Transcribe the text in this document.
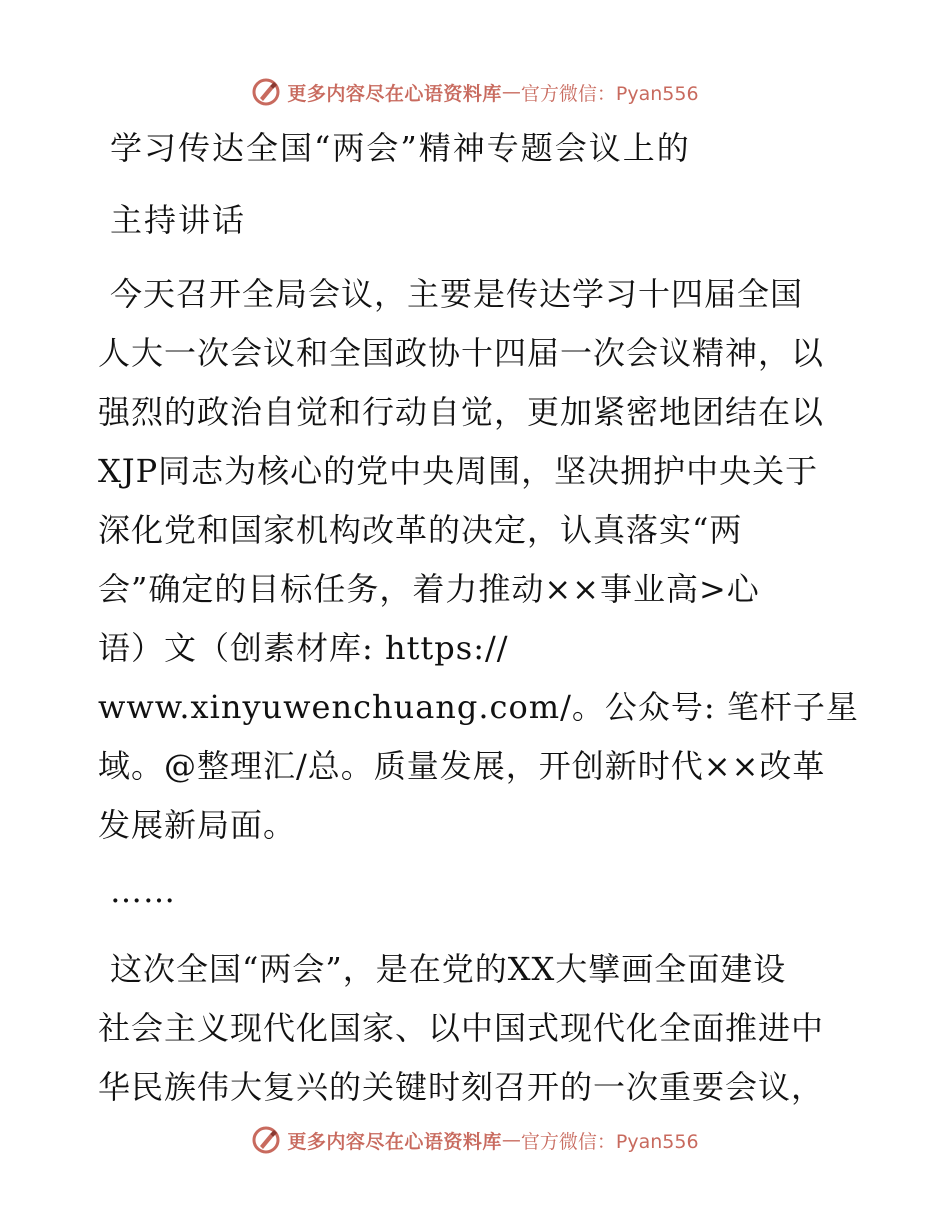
更多内容尽在心语资料库 — 官方微信：Pyan556
学习传达全国“两会”精神专题会议上的
主持讲话
今天召开全局会议，主要是传达学习十四届全国
人大一次会议和全国政协十四届一次会议精神，以
强烈的政治自觉和行动自觉，更加紧密地团结在以
XJP同志为核心的党中央周围，坚决拥护中央关于
深化党和国家机构改革的决定，认真落实“两
会”确定的目标任务，着力推动××事业高>心
语）文（创素材库: https://
www.xinyuwenchuang.com/。公众号: 笔杆子星
域。@整理汇/总。质量发展，开创新时代××改革
发展新局面。
……
这次全国“两会”，是在党的XX大擘画全面建设
社会主义现代化国家、以中国式现代化全面推进中
华民族伟大复兴的关键时刻召开的一次重要会议，
更多内容尽在心语资料库 — 官方微信：Pyan556
